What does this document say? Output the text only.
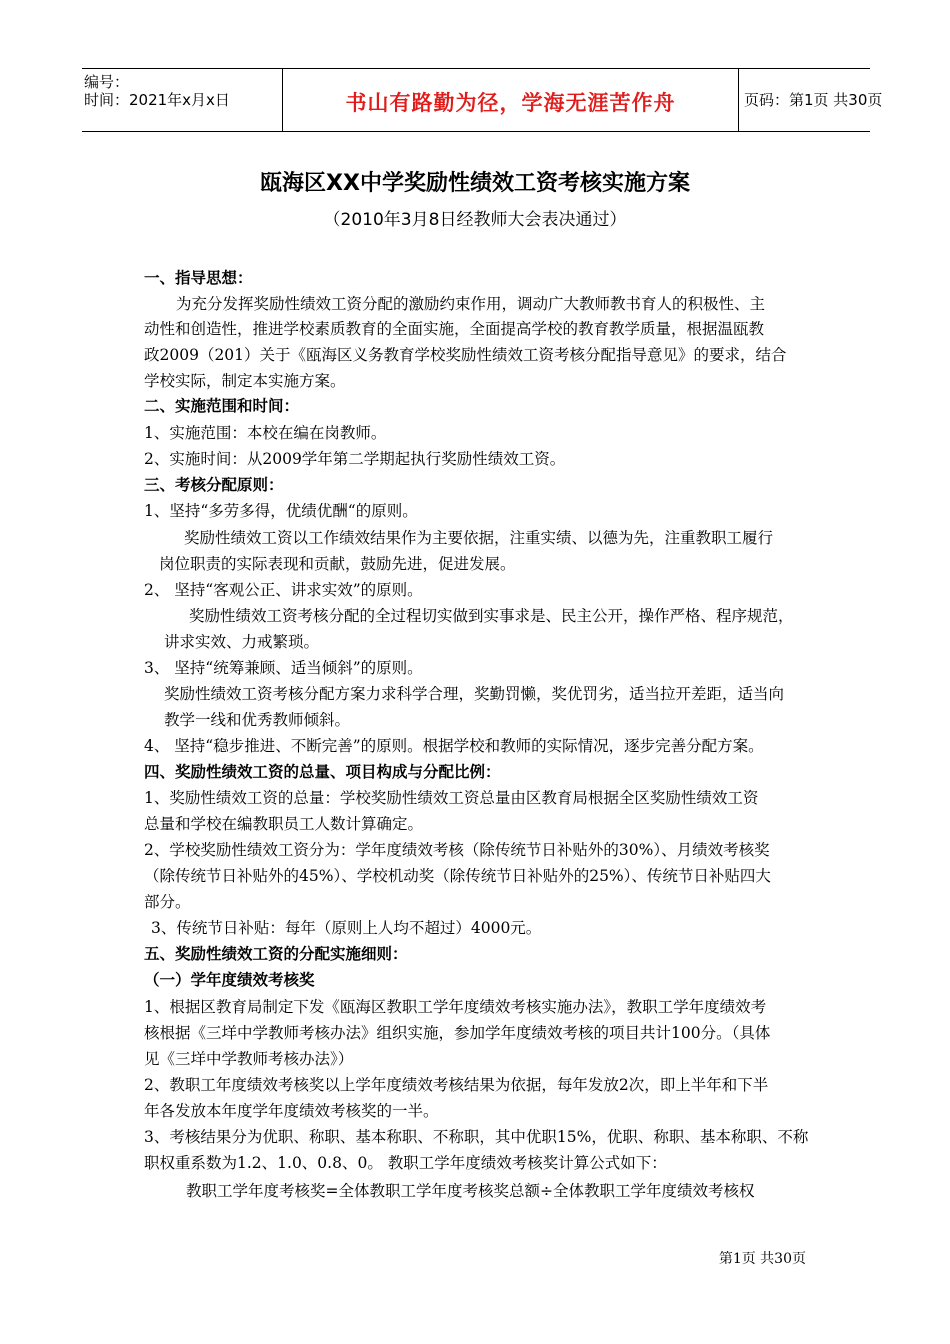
编号：
时间：2021年x月x日	书山有路勤为径，学海无涯苦作舟	页码：第1页 共30页
瓯海区XX中学奖励性绩效工资考核实施方案
（2010年3月8日经教师大会表决通过）
一、指导思想：
为充分发挥奖励性绩效工资分配的激励约束作用，调动广大教师教书育人的积极性、主
动性和创造性，推进学校素质教育的全面实施，全面提高学校的教育教学质量，根据温瓯教
政2009（201）关于《瓯海区义务教育学校奖励性绩效工资考核分配指导意见》的要求，结合
学校实际，制定本实施方案。
二、实施范围和时间：
1、实施范围：本校在编在岗教师。
2、实施时间：从2009学年第二学期起执行奖励性绩效工资。
三、考核分配原则：
1、坚持“多劳多得，优绩优酬“的原则。
奖励性绩效工资以工作绩效结果作为主要依据，注重实绩、以德为先，注重教职工履行
岗位职责的实际表现和贡献，鼓励先进，促进发展。
2、 坚持“客观公正、讲求实效”的原则。
奖励性绩效工资考核分配的全过程切实做到实事求是、民主公开，操作严格、程序规范，
讲求实效、力戒繁琐。
3、 坚持“统筹兼顾、适当倾斜”的原则。
奖励性绩效工资考核分配方案力求科学合理，奖勤罚懒，奖优罚劣，适当拉开差距，适当向
教学一线和优秀教师倾斜。
4、 坚持“稳步推进、不断完善”的原则。根据学校和教师的实际情况，逐步完善分配方案。
四、奖励性绩效工资的总量、项目构成与分配比例：
1、奖励性绩效工资的总量：学校奖励性绩效工资总量由区教育局根据全区奖励性绩效工资
总量和学校在编教职员工人数计算确定。
2、学校奖励性绩效工资分为：学年度绩效考核（除传统节日补贴外的30%）、月绩效考核奖
（除传统节日补贴外的45%）、学校机动奖（除传统节日补贴外的25%）、传统节日补贴四大
部分。
3、传统节日补贴：每年（原则上人均不超过）4000元。
五、奖励性绩效工资的分配实施细则：
（一）学年度绩效考核奖
1、根据区教育局制定下发《瓯海区教职工学年度绩效考核实施办法》，教职工学年度绩效考
核根据《三垟中学教师考核办法》组织实施，参加学年度绩效考核的项目共计100分。（具体
见《三垟中学教师考核办法》）
2、教职工年度绩效考核奖以上学年度绩效考核结果为依据，每年发放2次，即上半年和下半
年各发放本年度学年度绩效考核奖的一半。
3、考核结果分为优职、称职、基本称职、不称职，其中优职15%，优职、称职、基本称职、不称
职权重系数为1.2、1.0、0.8、0。 教职工学年度绩效考核奖计算公式如下：
教职工学年度考核奖=全体教职工学年度考核奖总额÷全体教职工学年度绩效考核权
第1页 共30页
